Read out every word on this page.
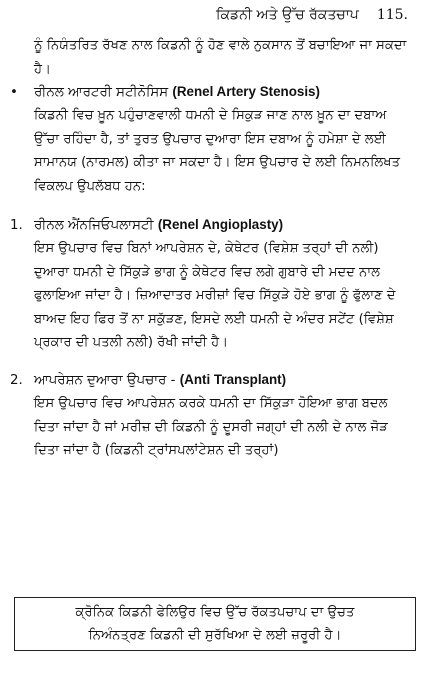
ਕਿਡਨੀ ਅਤੇ ਉੱਚ ਰੱਕਤਚਾਪ 115.
ਨੂੰ ਨਿਯੰਤਰਿਤ ਰੱਖਣ ਨਾਲ ਕਿਡਨੀ ਨੂੰ ਹੋਣ ਵਾਲੇ ਨੁਕਸਾਨ ਤੋਂ ਬਚਾਇਆ ਜਾ ਸਕਦਾ ਹੈ।
• ਰੀਨਲ ਆਰਟਰੀ ਸਟੀਨੋਸਿਸ (Renel Artery Stenosis)
ਕਿਡਨੀ ਵਿਚ ਖ਼ੂਨ ਪਹੁੰਚਾਣਵਾਲੀ ਧਮਨੀ ਦੇ ਸਿਕੁੜ ਜਾਣ ਨਾਲ ਖ਼ੂਨ ਦਾ ਦਬਾਅ ਉੱਚਾ ਰਹਿੰਦਾ ਹੈ, ਤਾਂ ਤੁਰਤ ਉਪਚਾਰ ਦੁਆਰਾ ਇਸ ਦਬਾਅ ਨੂੰ ਹਮੇਸ਼ਾ ਦੇ ਲਈ ਸਾਮਾਨਯ (ਨਾਰਮਲ) ਕੀਤਾ ਜਾ ਸਕਦਾ ਹੈ। ਇਸ ਉਪਚਾਰ ਦੇ ਲਈ ਨਿਮਨਲਿਖਤ ਵਿਕਲਪ ਉਪਲੱਬਧ ਹਨ:
1. ਰੀਨਲ ਐਂਨਜਿਓਪਲਾਸਟੀ (Renel Angioplasty)
ਇਸ ਉਪਚਾਰ ਵਿਚ ਬਿਨਾਂ ਆਪਰੇਸ਼ਨ ਦੇ, ਕੇਥੇਟਰ (ਵਿਸ਼ੇਸ਼ ਤਰ੍ਹਾਂ ਦੀ ਨਲੀ) ਦੁਆਰਾ ਧਮਨੀ ਦੇ ਸਿੱਕੁੜੇ ਭਾਗ ਨੂੰ ਕੇਥੇਟਰ ਵਿਚ ਲਗੇ ਗੁਬਾਰੇ ਦੀ ਮਦਦ ਨਾਲ ਫੁਲਾਇਆ ਜਾਂਦਾ ਹੈ। ਜ਼ਿਆਦਾਤਰ ਮਰੀਜ਼ਾਂ ਵਿਚ ਸਿੱਕੁੜੇ ਹੋਏ ਭਾਗ ਨੂੰ ਫੁੱਲਾਣ ਦੇ ਬਾਅਦ ਇਹ ਫਿਰ ਤੋਂ ਨਾ ਸਕੁੱੜਣ, ਇਸਦੇ ਲਈ ਧਮਨੀ ਦੇ ਅੰਦਰ ਸਟੇਂਟ (ਵਿਸ਼ੇਸ਼ ਪ੍ਰਕਾਰ ਦੀ ਪਤਲੀ ਨਲੀ) ਰੱਖੀ ਜਾਂਦੀ ਹੈ।
2. ਆਪਰੇਸ਼ਨ ਦੁਆਰਾ ਉਪਚਾਰ - (Anti Transplant)
ਇਸ ਉਪਚਾਰ ਵਿਚ ਆਪਰੇਸ਼ਨ ਕਰਕੇ ਧਮਨੀ ਦਾ ਸਿੱਕੁੜਾ ਹੋਇਆ ਭਾਗ ਬਦਲ ਦਿਤਾ ਜਾਂਦਾ ਹੈ ਜਾਂ ਮਰੀਜ਼ ਦੀ ਕਿਡਨੀ ਨੂੰ ਦੂਸਰੀ ਜਗ੍ਹਾਂ ਦੀ ਨਲੀ ਦੇ ਨਾਲ ਜੋੜ ਦਿਤਾ ਜਾਂਦਾ ਹੈ (ਕਿਡਨੀ ਟ੍ਰਾਂਸਪਲਾਂਟੇਸ਼ਨ ਦੀ ਤਰ੍ਹਾਂ)
ਕ੍ਰੋਨਿਕ ਕਿਡਨੀ ਫੇਲਿਉਰ ਵਿਚ ਉੱਚ ਰੱਕਤਪਚਾਪ ਦਾ ਉਚਤ
ਨਿਅੰਨਤ੍ਰਣ ਕਿਡਨੀ ਦੀ ਸੁਰੱਖਿਆ ਦੇ ਲਈ ਜ਼ਰੂਰੀ ਹੈ।
